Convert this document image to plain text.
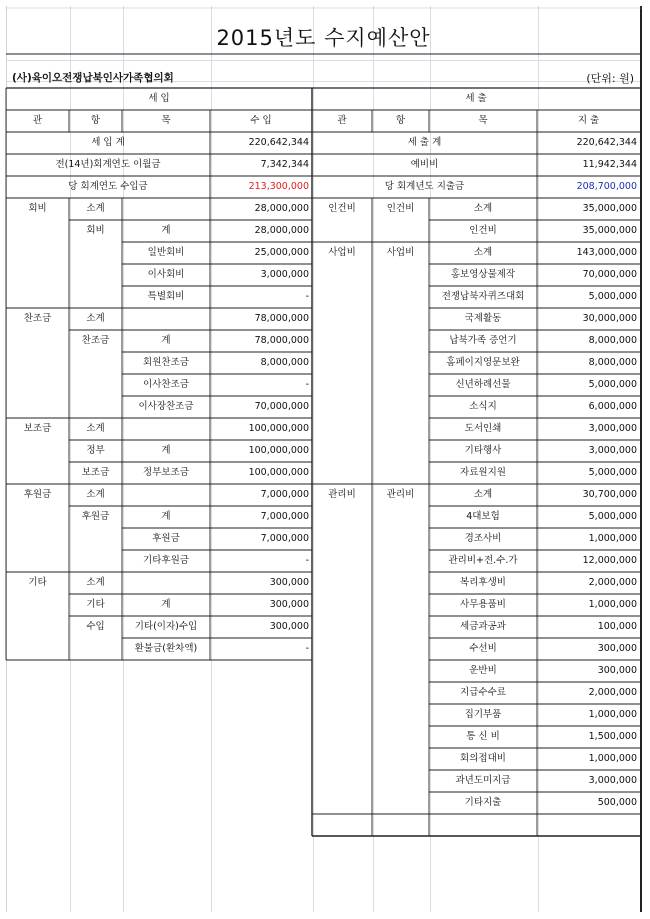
2015년도 수지예산안
(사)육이오전쟁납북인사가족협의회	(단위: 원)
세 입			
관	항	목	수 입
세 입 계			220,642,344
전(14년)회계연도 이월금			7,342,344
당 회계연도 수입금			213,300,000
회비	소계		28,000,000
	회비	계	28,000,000
		일반회비	25,000,000
		이사회비	3,000,000
		특별회비	-
찬조금	소계		78,000,000
	찬조금	계	78,000,000
		회원찬조금	8,000,000
		이사찬조금	-
		이사장찬조금	70,000,000
보조금	소계		100,000,000
	정부	계	100,000,000
	보조금	정부보조금	100,000,000
후원금	소계		7,000,000
	후원금	계	7,000,000
		후원금	7,000,000
		기타후원금	-
기타	소계		300,000
	기타	계	300,000
	수입	기타(이자)수입	300,000
		환불금(환차액)	-

세 출			
관	항	목	지 출
세 출 계			220,642,344
예비비			11,942,344
당 회계년도 지출금			208,700,000
인건비	인건비	소계	35,000,000
		인건비	35,000,000
사업비	사업비	소계	143,000,000
		홍보영상물제작	70,000,000
		전쟁납북자퀴즈대회	5,000,000
		국제활동	30,000,000
		납북가족 증언기	8,000,000
		홈페이지영문보완	8,000,000
		신년하례선물	5,000,000
		소식지	6,000,000
		도서인쇄	3,000,000
		기타행사	3,000,000
		자료원지원	5,000,000
관리비	관리비	소계	30,700,000
		4대보험	5,000,000
		경조사비	1,000,000
		관리비+전.수.가	12,000,000
		복리후생비	2,000,000
		사무용품비	1,000,000
		세금과공과	100,000
		수선비	300,000
		운반비	300,000
		지급수수료	2,000,000
		집기부품	1,000,000
		통 신 비	1,500,000
		회의접대비	1,000,000
		과년도미지급	3,000,000
		기타지출	500,000
